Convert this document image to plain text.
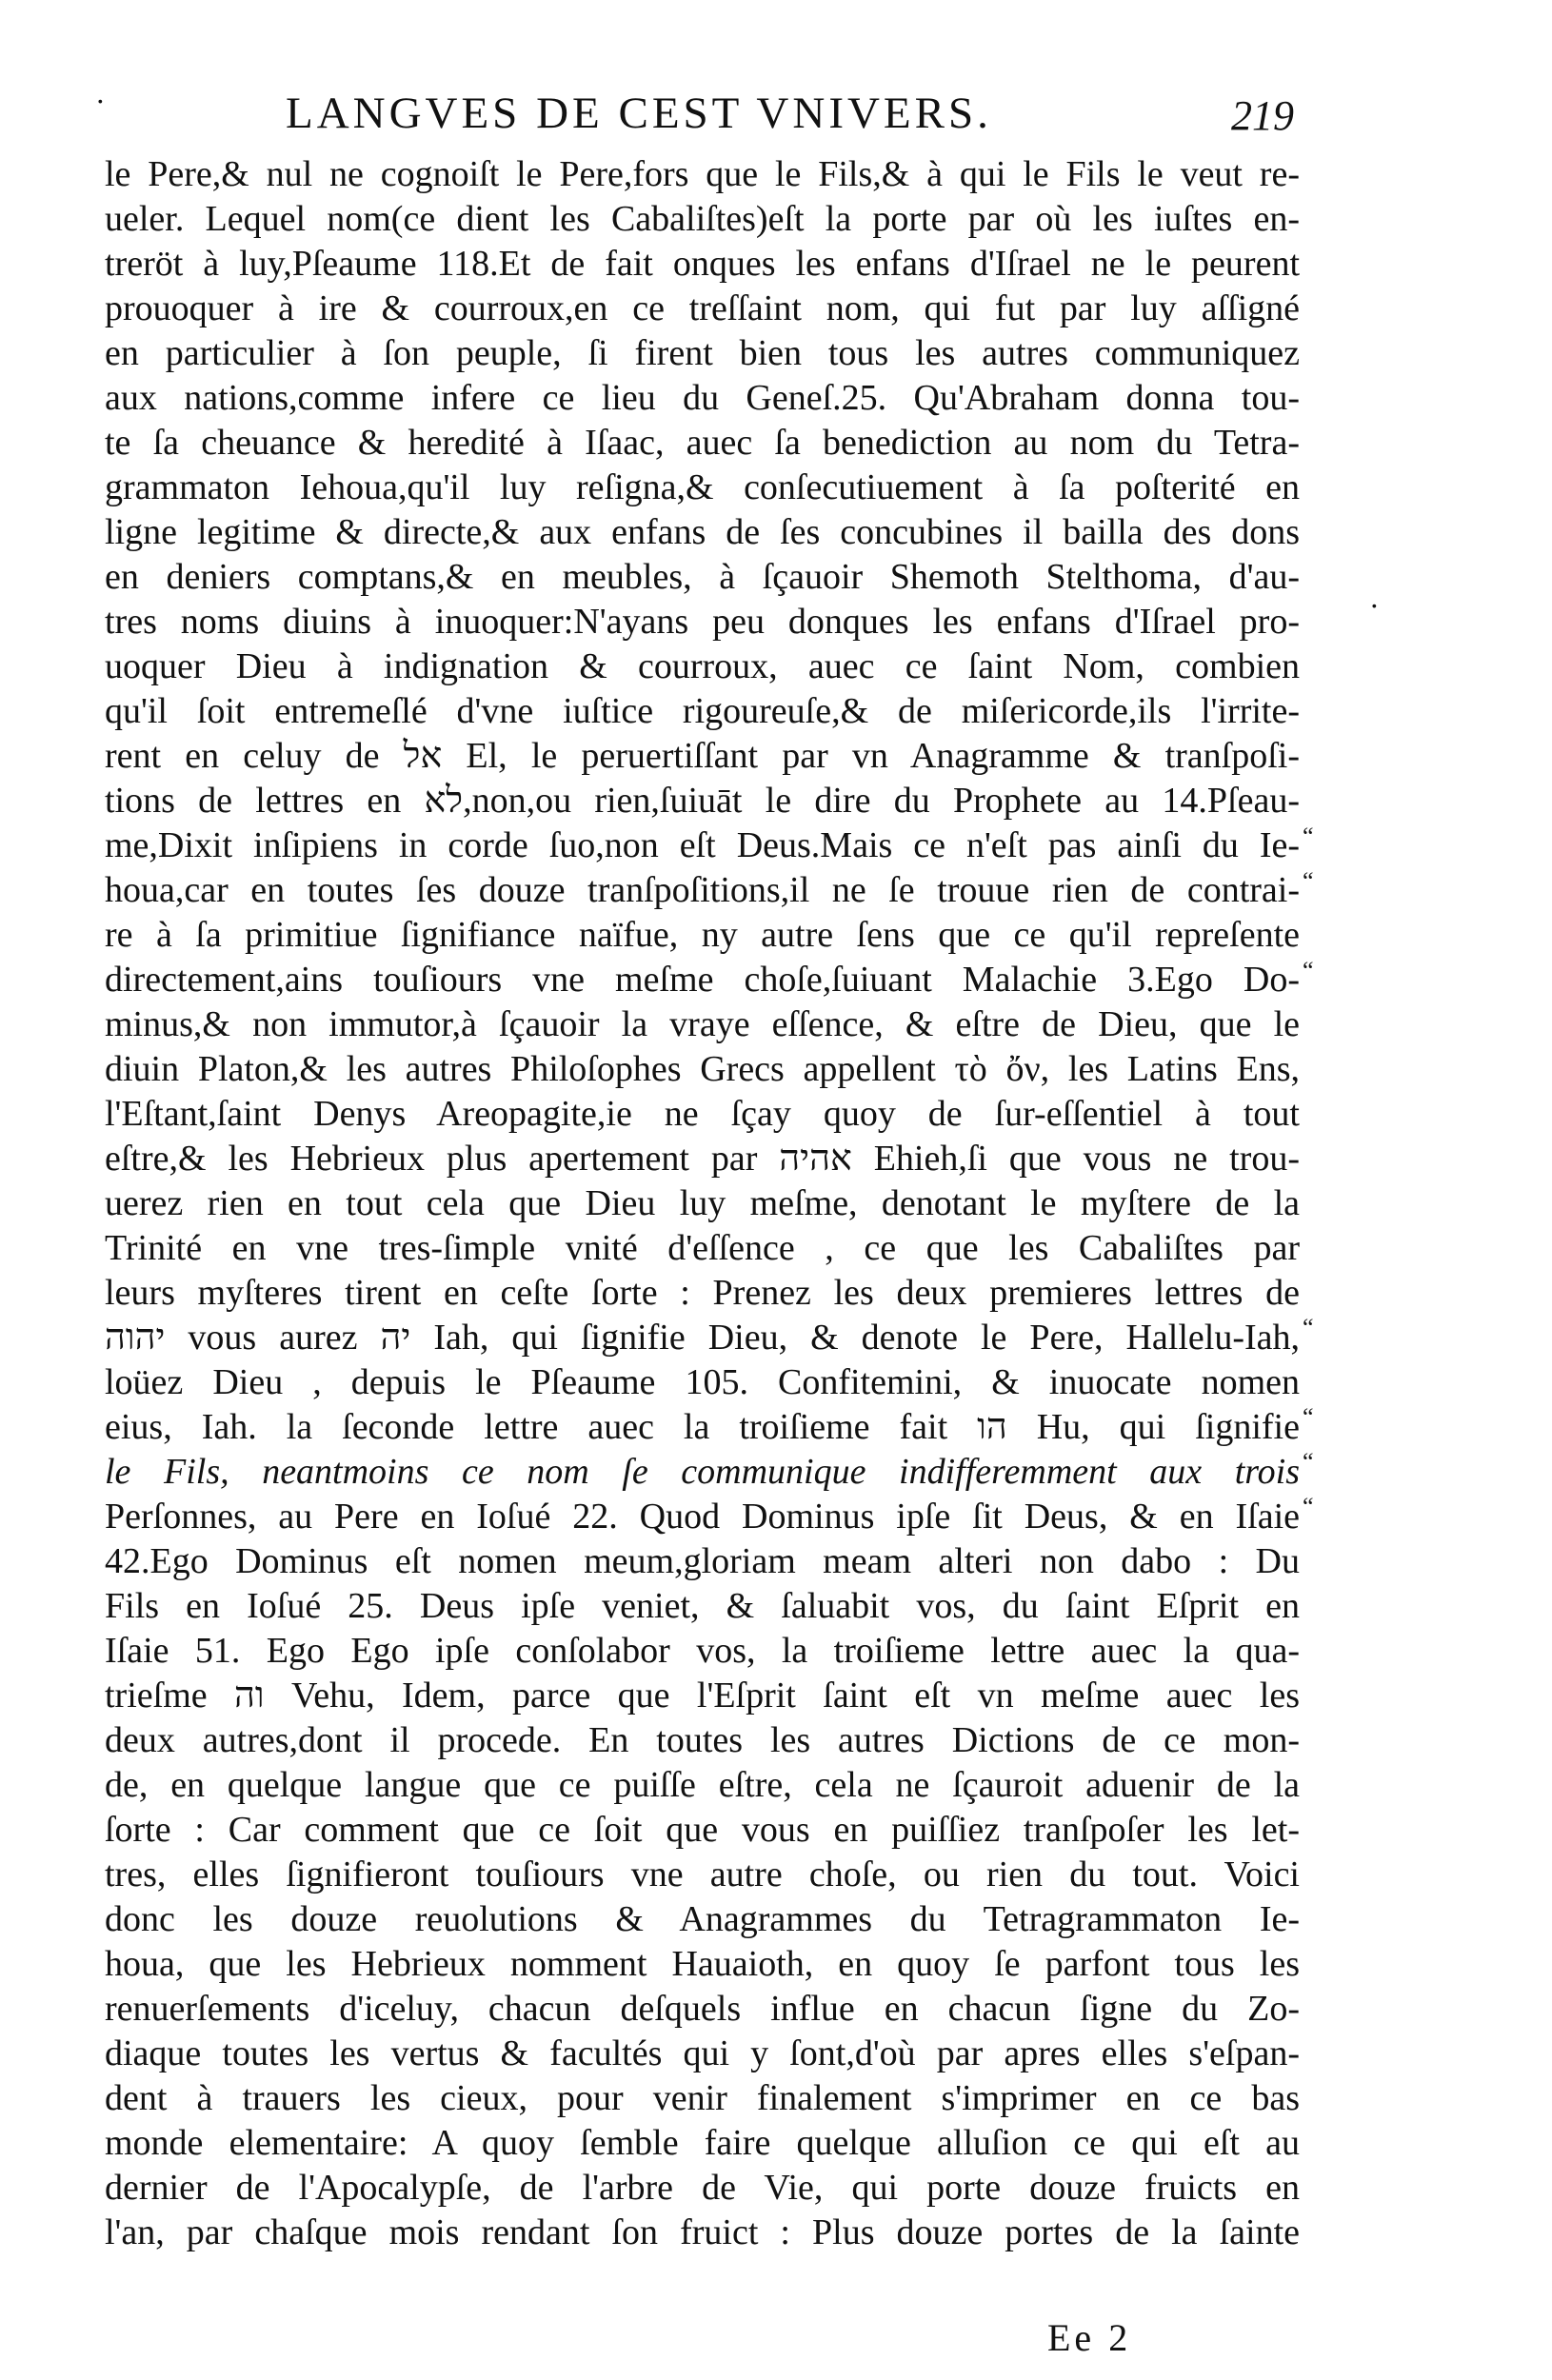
LANGVES DE CEST VNIVERS.	219
le Pere,& nul ne cognoiſt le Pere,fors que le Fils,& à qui le Fils le veut re-
ueler. Lequel nom(ce dient les Cabaliſtes)eſt la porte par où les iuſtes en-
treröt à luy,Pſeaume 118.Et de fait onques les enfans d'Iſrael ne le peurent
prouoquer à ire & courroux,en ce treſſaint nom, qui fut par luy aſſigné
en particulier à ſon peuple, ſi firent bien tous les autres communiquez
aux nations,comme infere ce lieu du Geneſ.25. Qu'Abraham donna tou-
te ſa cheuance & heredité à Iſaac, auec ſa benediction au nom du Tetra-
grammaton Iehoua,qu'il luy reſigna,& conſecutiuement à ſa poſterité en
ligne legitime & directe,& aux enfans de ſes concubines il bailla des dons
en deniers comptans,& en meubles, à ſçauoir Shemoth Stelthoma, d'au-
tres noms diuins à inuoquer:N'ayans peu donques les enfans d'Iſrael pro-
uoquer Dieu à indignation & courroux, auec ce ſaint Nom, combien
qu'il ſoit entremeſlé d'vne iuſtice rigoureuſe,& de miſericorde,ils l'irrite-
rent en celuy de אל El, le peruertiſſant par vn Anagramme & tranſpoſi-
tions de lettres en לא,non,ou rien,ſuiuāt le dire du Prophete au 14.Pſeau-
me,Dixit inſipiens in corde ſuo,non eſt Deus.Mais ce n'eſt pas ainſi du Ie-
houa,car en toutes ſes douze tranſpoſitions,il ne ſe trouue rien de contrai-
re à ſa primitiue ſignifiance naïfue, ny autre ſens que ce qu'il repreſente
directement,ains touſiours vne meſme choſe,ſuiuant Malachie 3.Ego Do-
minus,& non immutor,à ſçauoir la vraye eſſence, & eſtre de Dieu, que le
diuin Platon,& les autres Philoſophes Grecs appellent τὸ ὄν, les Latins Ens,
l'Eſtant,ſaint Denys Areopagite,ie ne ſçay quoy de ſur-eſſentiel à tout
eſtre,& les Hebrieux plus apertement par אהיה Ehieh,ſi que vous ne trou-
uerez rien en tout cela que Dieu luy meſme, denotant le myſtere de la
Trinité en vne tres-ſimple vnité d'eſſence , ce que les Cabaliſtes par
leurs myſteres tirent en ceſte ſorte : Prenez les deux premieres lettres de
יהוה vous aurez יה Iah, qui ſignifie Dieu, & denote le Pere, Hallelu-Iah,
loüez Dieu , depuis le Pſeaume 105. Confitemini, & inuocate nomen
eius, Iah. la ſeconde lettre auec la troiſieme fait הו Hu, qui ſignifie
le Fils, neantmoins ce nom ſe communique indifferemment aux trois
Perſonnes, au Pere en Ioſué 22. Quod Dominus ipſe ſit Deus, & en Iſaie
42.Ego Dominus eſt nomen meum,gloriam meam alteri non dabo : Du
Fils en Ioſué 25. Deus ipſe veniet, & ſaluabit vos, du ſaint Eſprit en
Iſaie 51. Ego Ego ipſe conſolabor vos, la troiſieme lettre auec la qua-
trieſme וה Vehu, Idem, parce que l'Eſprit ſaint eſt vn meſme auec les
deux autres,dont il procede. En toutes les autres Dictions de ce mon-
de, en quelque langue que ce puiſſe eſtre, cela ne ſçauroit aduenir de la
ſorte : Car comment que ce ſoit que vous en puiſſiez tranſpoſer les let-
tres, elles ſignifieront touſiours vne autre choſe, ou rien du tout. Voici
donc les douze reuolutions & Anagrammes du Tetragrammaton Ie-
houa, que les Hebrieux nomment Hauaioth, en quoy ſe parfont tous les
renuerſements d'iceluy, chacun deſquels influe en chacun ſigne du Zo-
diaque toutes les vertus & facultés qui y ſont,d'où par apres elles s'eſpan-
dent à trauers les cieux, pour venir finalement s'imprimer en ce bas
monde elementaire: A quoy ſemble faire quelque alluſion ce qui eſt au
dernier de l'Apocalypſe, de l'arbre de Vie, qui porte douze fruicts en
l'an, par chaſque mois rendant ſon fruict : Plus douze portes de la ſainte
“
“
“
“
“
“
“
·
·
Ee 2
